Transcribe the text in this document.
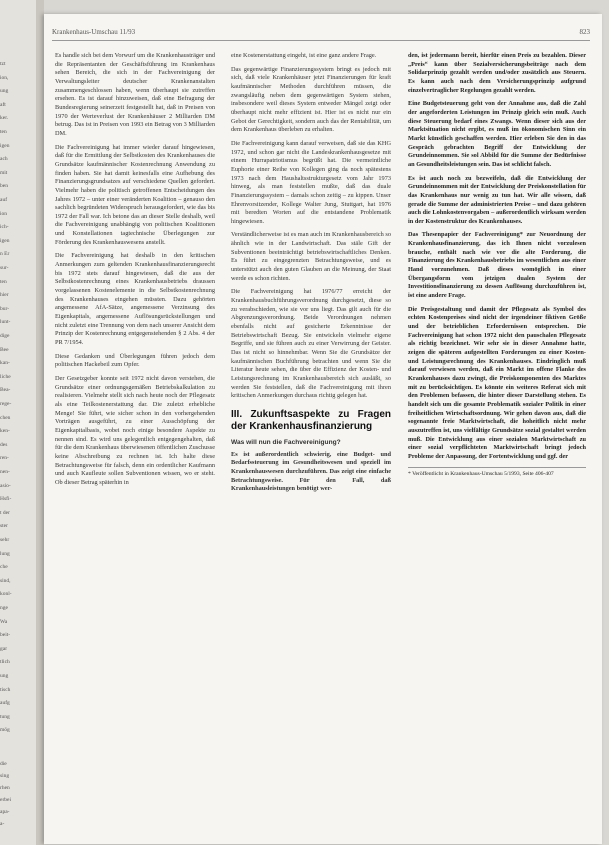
tzt
ion,
ung
aft
ker.
ten
igen
ach
mit
ben
auf
ion
ich-
igen
n Er
sur-
ten
hier
bur-
lunt-
dige
Bee
kan-
liche
Bea-
rege-
chen
ken-
des
ren-
nen-
asio-
Hsfi-
t der
ster
sehr
lung
che
sind,
konl-
nge
Wa
beit-
gar
tlich
ung
tisch
aufg
tung
mög
die
sing
rhen
erbei
apa-
a-
Krankenhaus-Umschau 11/93	823

Es handle sich bei dem Vorwurf um die Krankenhausträger und die Repräsentanten der Geschäftsführung im Krankenhaus sehen Bereich, die sich in der Fachvereinigung der Verwaltungsleiter deutscher Krankenanstalten zusammengeschlossen haben, wenn überhaupt sie zutreffen ersehen. Es ist darauf hinzuweisen, daß eine Befragung der Bundesregierung seinerzeit festgestellt hat, daß in Preisen von 1970 der Werteverlust der Krankenhäuser 2 Milliarden DM betrug. Das ist in Preisen von 1993 ein Betrag von 3 Milliarden DM.

Die Fachvereinigung hat immer wieder darauf hingewiesen, daß für die Ermittlung der Selbstkosten des Krankenhauses die Grundsätze kaufmännischer Kostenrechnung Anwendung zu finden haben. Sie hat damit keinesfalls eine Aufhebung des Finanzierungsgrundsatzes auf verschiedene Quellen gefordert. Vielmehr haben die politisch getroffenen Entscheidungen des Jahres 1972 – unter einer veränderten Koalition – genauso den sachlich begründeten Widerspruch herausgefordert, wie das bis 1972 der Fall war. Ich betone das an dieser Stelle deshalb, weil die Fachvereinigung unabhängig von politischen Koalitionen und Konstellationen tagtechnische Überlegungen zur Förderung des Krankenhauswesens anstellt.

Die Fachvereinigung hat deshalb in den kritischen Anmerkungen zum geltenden Krankenhausfinanzierungsrecht bis 1972 stets darauf hingewiesen, daß die aus der Selbstkostenrechnung eines Krankenhausbetriebs draussen vorgelassenen Kostenelemente in die Selbstkostenrechnung des Krankenhauses eingehen müssten. Dazu gehörten angemessene AfA-Sätze, angemessene Verzinsung des Eigenkapitals, angemessene Auflösungsrückstellungen und nicht zuletzt eine Trennung von dem nach unserer Ansicht dem Prinzip der Kostenrechnung entgegenstehenden § 2 Abs. 4 der PR 7/1954.

Diese Gedanken und Überlegungen führen jedoch dem politischen Hackebeil zum Opfer.

Der Gesetzgeber konnte seit 1972 nicht davon verstehen, die Grundsätze einer ordnungsgemäßen Betriebskalkulation zu realisieren. Vielmehr stellt sich nach heute noch der Pflegesatz als eine Teilkostenerstattung dar. Die zuletzt erhebliche Menge! Sie führt, wie sicher schon in den vorhergehenden Vorträgen ausgeführt, zu einer Ausschöpfung der Eigenkapitalbasis, wobei noch einige besondere Aspekte zu nennen sind. Es wird uns gelegentlich entgegengehalten, daß für die dem Krankenhaus überwiesenen öffentlichen Zuschusse keine Abschreibung zu rechnen ist. Ich halte diese Betrachtungsweise für falsch, denn ein ordentlicher Kaufmann und auch Kaufleute sollen Subventionen wissen, wo er steht. Ob dieser Betrag späterhin in

eine Kostenerstattung eingeht, ist eine ganz andere Frage.

Das gegenwärtige Finanzierungssystem bringt es jedoch mit sich, daß viele Krankenhäuser jetzt Finanzierungen für kraft kaufmännischer Methoden durchführen müssen, die zwangsläufig neben dem gegenwärtigen System stehen, insbesondere weil dieses System entweder Mängel zeigt oder überhaupt nicht mehr effizient ist. Hier ist es nicht nur ein Gebot der Gerechtigkeit, sondern auch das der Rentabilität, um dem Krankenhaus überleben zu erhalten.

Die Fachvereinigung kann darauf verweisen, daß sie das KHG 1972, und schon gar nicht die Landeskrankenhausgesetze mit einem Hurrapatriotismus begrüßt hat. Die vermeintliche Euphorie einer Reihe von Kollegen ging da noch spätestens 1973 nach dem Haushaltsstrukturgesetz vom Jahr 1973 hinweg, als man feststellen mußte, daß das duale Finanzierungssystem – damals schon zeitig – zu kippen. Unser Ehrenvorsitzender, Kollege Walter Jung, Stuttgart, hat 1976 mit beredten Worten auf die entstandene Problematik hingewiesen.

Verständlicherweise ist es man auch im Krankenhausbereich so ähnlich wie in der Landwirtschaft. Das stäle Gift der Subventionen beeinträchtigt betriebswirtschaftliches Denken. Es führt zu eingegrenzten Betrachtungsweise, und es unterstützt auch den guten Glauben an die Meinung, der Staat werde es schon richten.

Die Fachvereinigung hat 1976/77 erreicht der Krankenhausbuchführungsverordnung durchgesetzt, diese so zu verabschieden, wie sie vor uns liegt. Das gilt auch für die Abgrenzungsverordnung. Beide Verordnungen nehmen ebenfalls nicht auf gesicherte Erkenntnisse der Betriebswirtschaft Bezug. Sie entwickeln vielmehr eigene Begriffe, und sie führen auch zu einer Verwirrung der Geister. Das ist nicht so hinnehmbar. Wenn Sie die Grundsätze der kaufmännischen Buchführung betrachten und wenn Sie die Literatur heute sehen, die über die Effizienz der Kosten- und Leistungsrechnung im Krankenhausbereich sich ausläßt, so werden Sie feststellen, daß die Fachvereinigung mit ihren kritischen Anmerkungen durchaus richtig gelegen hat.

III. Zukunftsaspekte zu Fragen der Krankenhausfinanzierung
Was will nun die Fachvereinigung?

Es ist außerordentlich schwierig, eine Budget- und Bedarfssteuerung im Gesundheitswesen und speziell im Krankenhauswesen durchzuführen. Das zeigt eine einfache Betrachtungsweise. Für den Fall, daß Krankenhausleistungen benötigt wer-

den, ist jedermann bereit, hierfür einen Preis zu bezahlen. Dieser „Preis“ kann über Sozialversicherungsbeiträge nach dem Solidarprinzip gezahlt werden und/oder zusätzlich aus Steuern. Es kann auch nach dem Versicherungsprinzip aufgrund einzelvertraglicher Regelungen gezahlt werden.

Eine Budgetsteuerung geht von der Annahme aus, daß die Zahl der angeforderten Leistungen im Prinzip gleich sein muß. Auch diese Steuerung bedarf eines Zwangs. Wenn dieser sich aus der Marktsituation nicht ergibt, es muß im ökonomischen Sinn ein Markt künstlich geschaffen werden. Hier erleben Sie den in das Gespräch gebrachten Begriff der Entwicklung der Grundeinnommen. Sie sol Abbild für die Summe der Bedürfnisse an Gesundheitsleistungen sein. Das ist schlicht falsch.

Es ist auch noch zu bezweifeln, daß die Entwicklung der Grundeinnommen mit der Entwicklung der Preiskonstellation für das Krankenhaus nur wenig zu tun hat. Wir alle wissen, daß gerade die Summe der administrierten Preise – und dazu gehören auch die Lohnkostenvorgaben – außerordentlich wirksam werden in der Kostenstruktur des Krankenhauses.

Das Thesenpapier der Fachvereinigung* zur Neuordnung der Krankenhausfinanzierung, das ich Ihnen nicht vorzulesen brauche, enthält nach wie vor die alte Forderung, die Finanzierung des Krankenhausbetriebs im wesentlichen aus einer Hand vorzunehmen. Daß dieses womöglich in einer Übergangsform vom jetzigen dualen System der Investitionsfinanzierung zu dessen Auflösung durchzuführen ist, ist eine andere Frage.

Die Preisgestaltung und damit der Pflegesatz als Symbol des echten Kostenpreises sind nicht der irgendeiner fiktiven Größe und der betrieblichen Erfordernissen entsprechen. Die Fachvereinigung hat schon 1972 nicht den pauschalen Pflegesatz als richtig bezeichnet. Wir sehr sie in dieser Annahme hatte, zeigen die späteren aufgestellten Forderungen zu einer Kosten- und Leistungsrechnung des Krankenhauses. Eindringlich muß darauf verwiesen werden, daß ein Markt im offene Flanke des Krankenhauses dazu zwingt, die Preiskomponenten des Marktes mit zu berücksichtigen. Es könnte ein weiteres Referat sich mit den Problemen befassen, die hinter dieser Darstellung stehen. Es handelt sich um die gesamte Problematik sozialer Politik in einer freiheitlichen Wirtschaftsordnung. Wir gehen davon aus, daß die sogenannte freie Marktwirtschaft, die hoheitlich nicht mehr auszutreffen ist, uns vielfältige Grundsätze sozial gestaltet werden muß. Die Entwicklung aus einer sozialen Marktwirtschaft zu einer sozial verpflichteten Marktwirtschaft bringt jedoch Probleme der Anpassung, der Fortentwicklung und ggf. der

* Veröffentlicht in Krankenhaus-Umschau 5/1993, Seite 406-407
